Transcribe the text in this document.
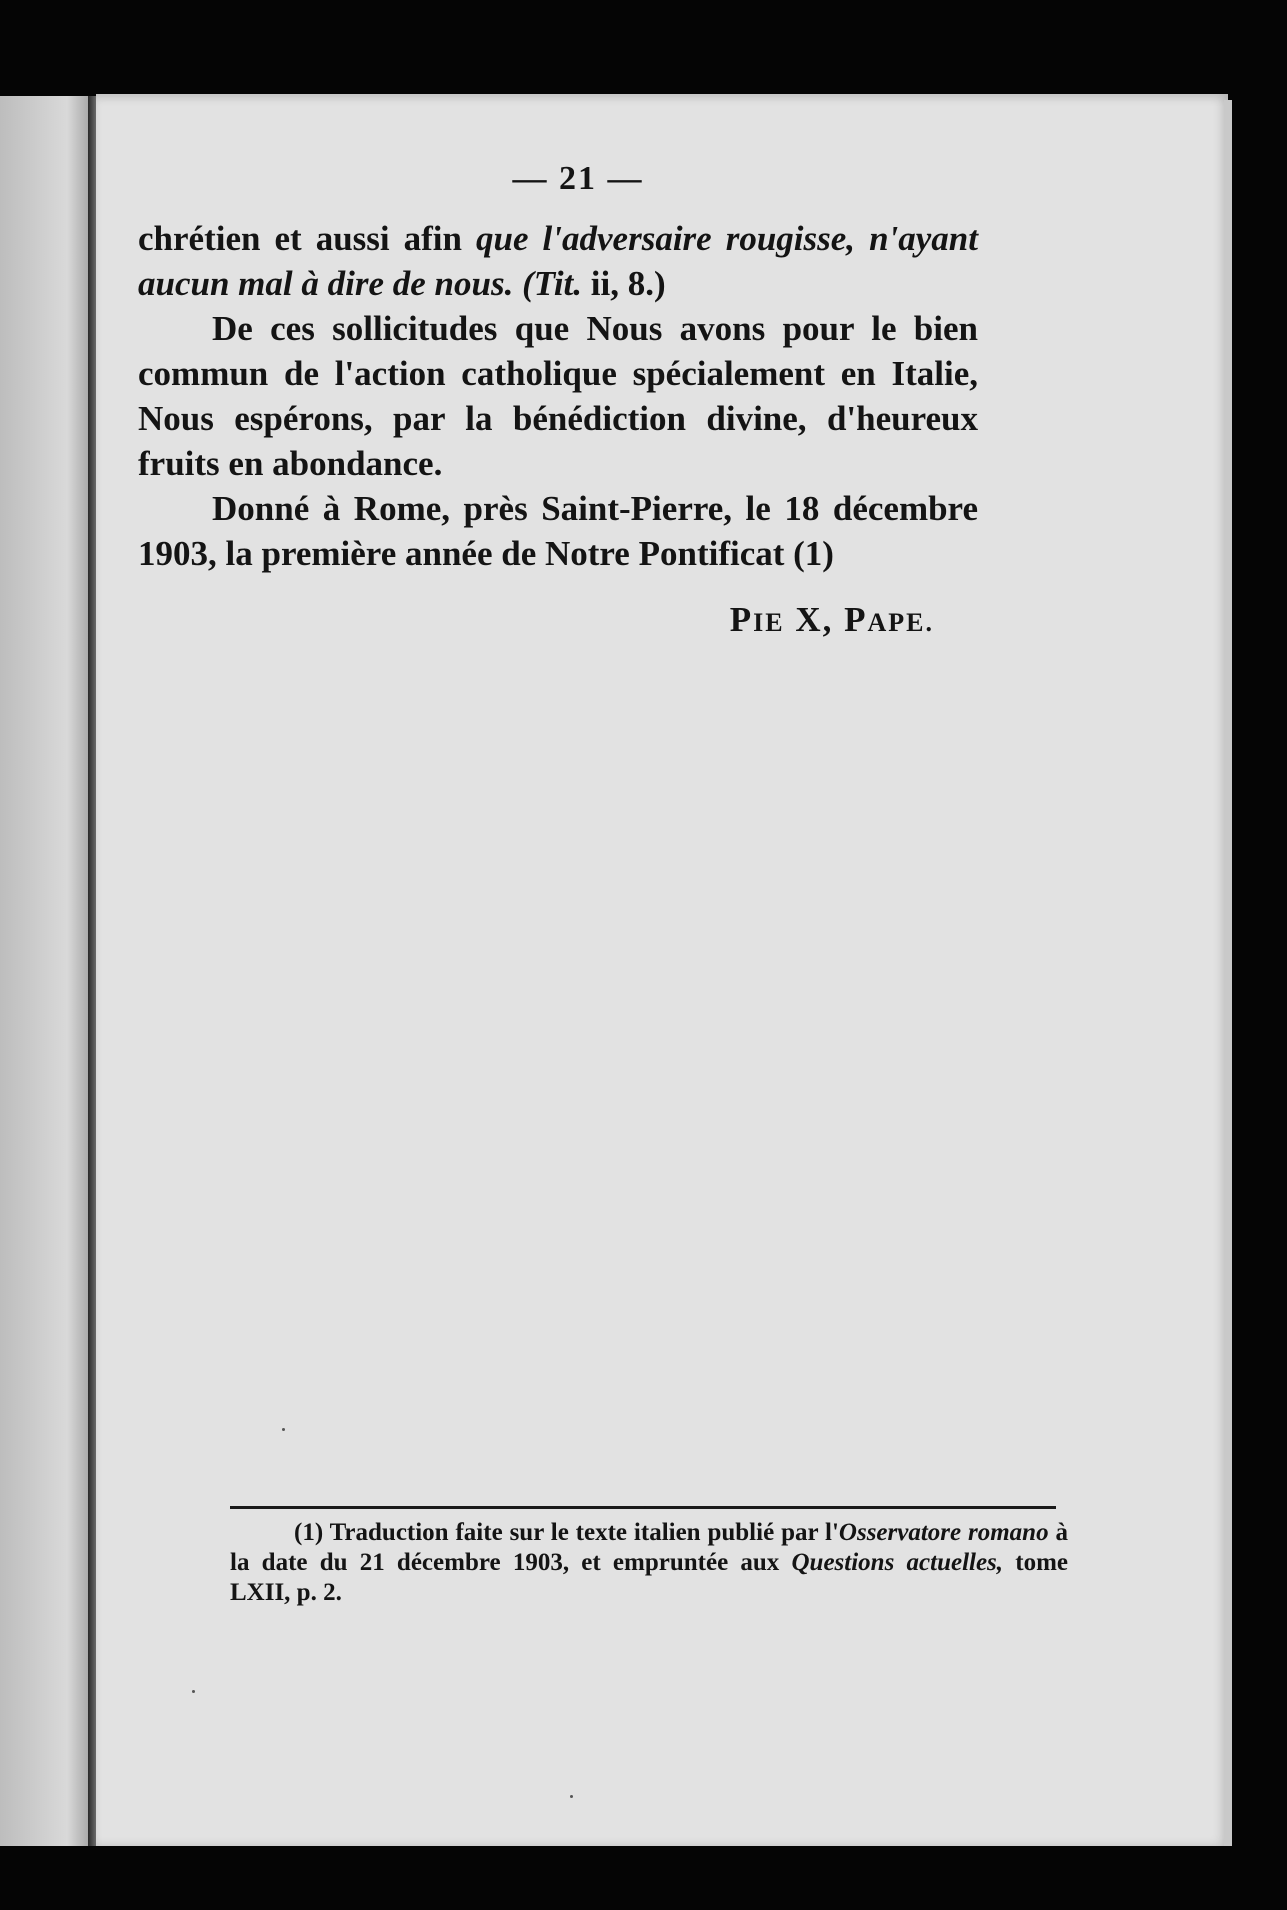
— 21 —

chrétien et aussi afin que l'adversaire rougisse, n'ayant aucun mal à dire de nous. (Tit. ii, 8.)

De ces sollicitudes que Nous avons pour le bien commun de l'action catholique spécialement en Italie, Nous espérons, par la bénédiction divine, d'heureux fruits en abondance.

Donné à Rome, près Saint-Pierre, le 18 décembre 1903, la première année de Notre Pontificat (1)

PIE X, PAPE.

(1) Traduction faite sur le texte italien publié par l'Osservatore romano à la date du 21 décembre 1903, et empruntée aux Questions actuelles, tome LXII, p. 2.
